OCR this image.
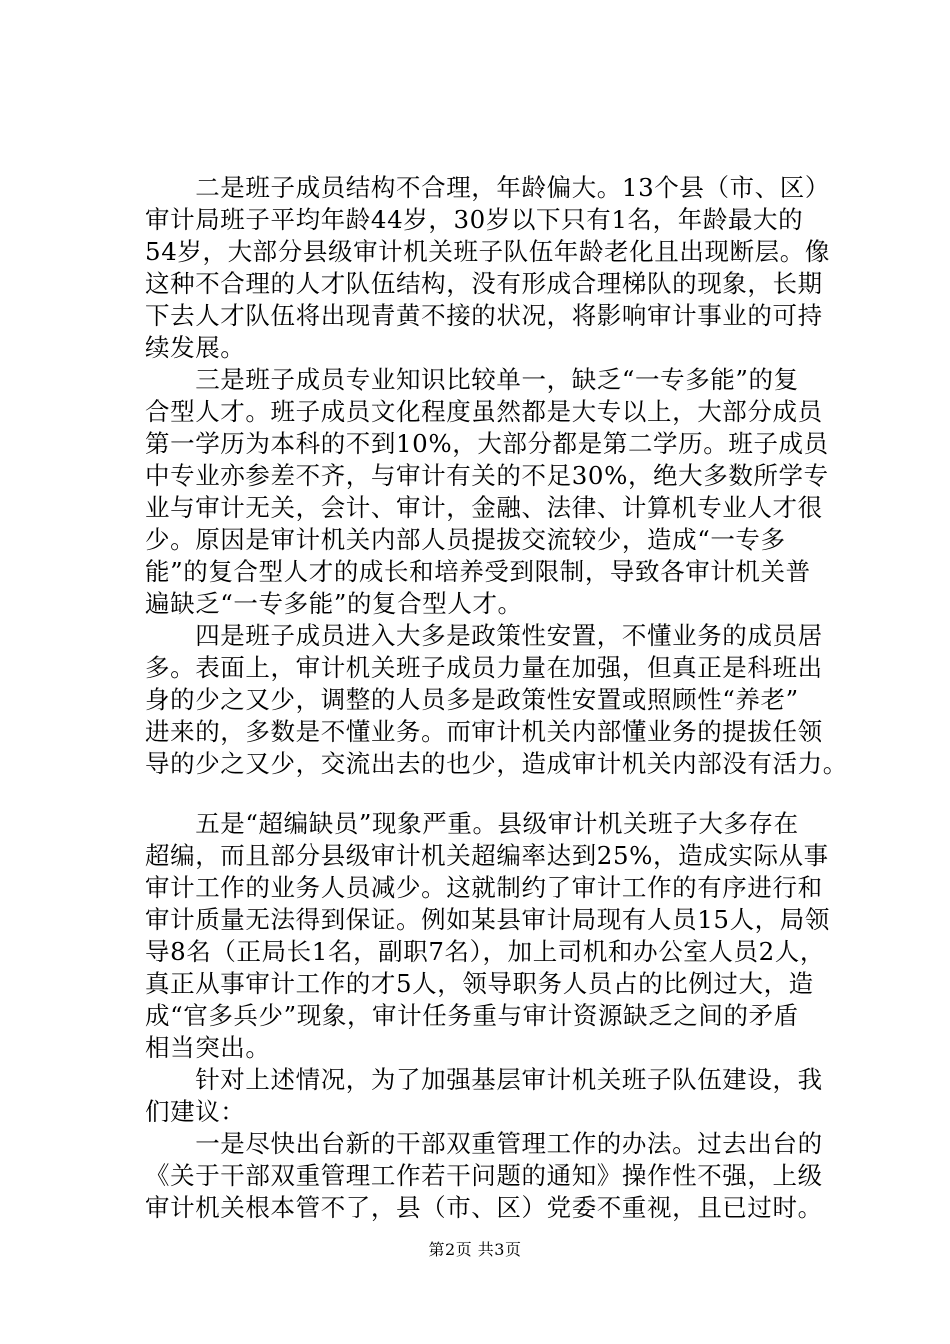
　　二是班子成员结构不合理，年龄偏大。13个县（市、区）
审计局班子平均年龄44岁，30岁以下只有1名，年龄最大的
54岁，大部分县级审计机关班子队伍年龄老化且出现断层。像
这种不合理的人才队伍结构，没有形成合理梯队的现象，长期
下去人才队伍将出现青黄不接的状况，将影响审计事业的可持
续发展。
　　三是班子成员专业知识比较单一，缺乏“一专多能”的复
合型人才。班子成员文化程度虽然都是大专以上，大部分成员
第一学历为本科的不到10%，大部分都是第二学历。班子成员
中专业亦参差不齐，与审计有关的不足30%，绝大多数所学专
业与审计无关，会计、审计，金融、法律、计算机专业人才很
少。原因是审计机关内部人员提拔交流较少，造成“一专多
能”的复合型人才的成长和培养受到限制，导致各审计机关普
遍缺乏“一专多能”的复合型人才。
　　四是班子成员进入大多是政策性安置，不懂业务的成员居
多。表面上，审计机关班子成员力量在加强，但真正是科班出
身的少之又少，调整的人员多是政策性安置或照顾性“养老”
进来的，多数是不懂业务。而审计机关内部懂业务的提拔任领
导的少之又少，交流出去的也少，造成审计机关内部没有活力。
　　五是“超编缺员”现象严重。县级审计机关班子大多存在
超编，而且部分县级审计机关超编率达到25%，造成实际从事
审计工作的业务人员减少。这就制约了审计工作的有序进行和
审计质量无法得到保证。例如某县审计局现有人员15人，局领
导8名（正局长1名，副职7名），加上司机和办公室人员2人，
真正从事审计工作的才5人，领导职务人员占的比例过大，造
成“官多兵少”现象，审计任务重与审计资源缺乏之间的矛盾
相当突出。
　　针对上述情况，为了加强基层审计机关班子队伍建设，我
们建议：
　　一是尽快出台新的干部双重管理工作的办法。过去出台的
《关于干部双重管理工作若干问题的通知》操作性不强，上级
审计机关根本管不了，县（市、区）党委不重视，且已过时。
第2页 共3页
